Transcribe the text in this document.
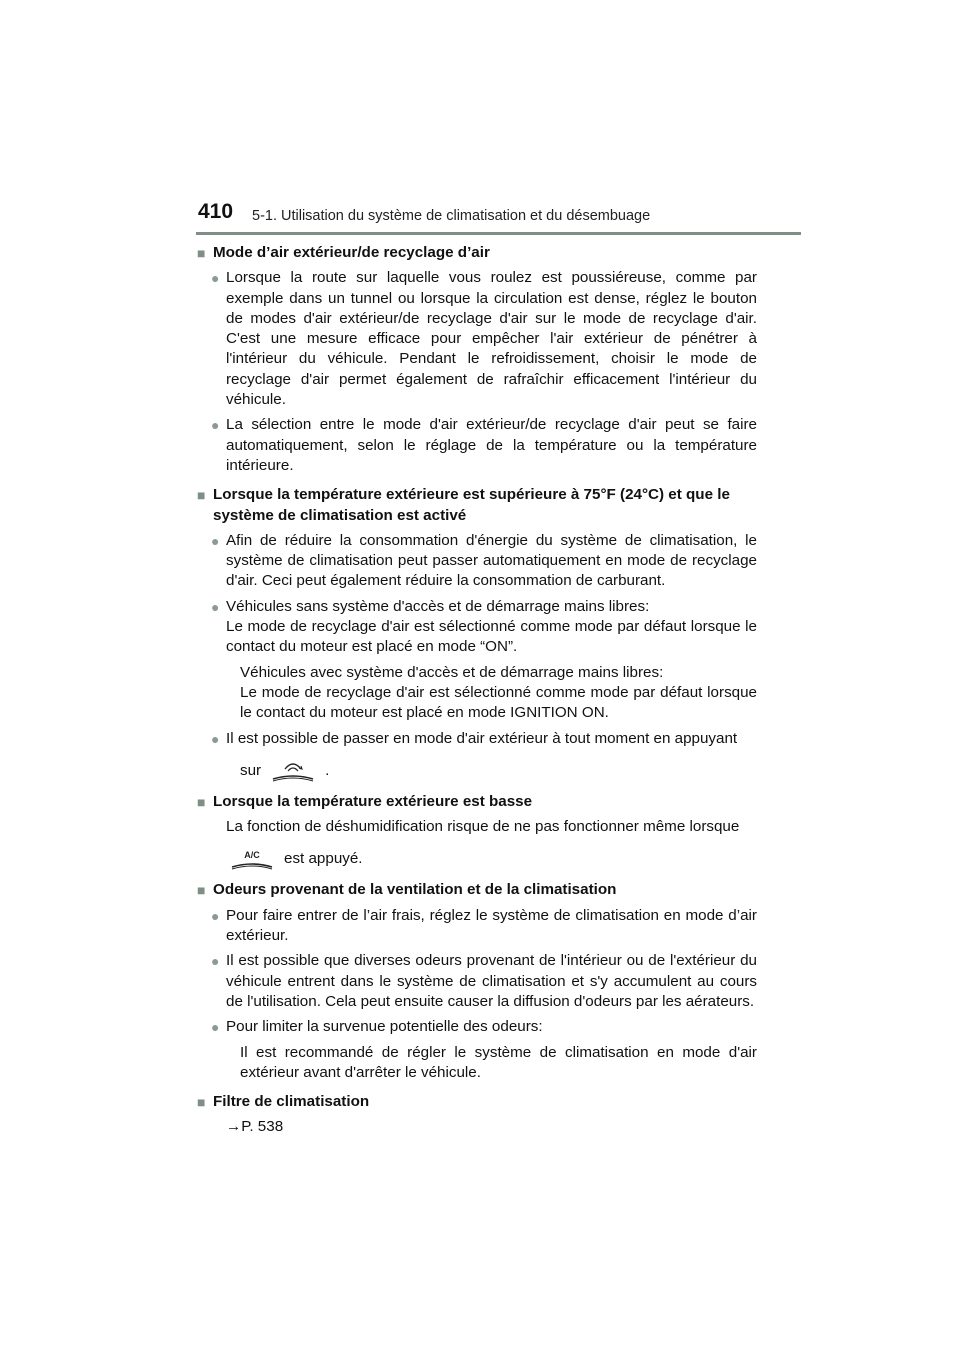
410 5-1. Utilisation du système de climatisation et du désembuage
■ Mode d’air extérieur/de recyclage d’air
● Lorsque la route sur laquelle vous roulez est poussiéreuse, comme par exemple dans un tunnel ou lorsque la circulation est dense, réglez le bouton de modes d'air extérieur/de recyclage d'air sur le mode de recyclage d'air. C'est une mesure efficace pour empêcher l'air extérieur de pénétrer à l'intérieur du véhicule. Pendant le refroidissement, choisir le mode de recyclage d'air permet également de rafraîchir efficacement l'intérieur du véhicule.
● La sélection entre le mode d'air extérieur/de recyclage d'air peut se faire automatiquement, selon le réglage de la température ou la température intérieure.
■ Lorsque la température extérieure est supérieure à 75°F (24°C) et que le système de climatisation est activé
● Afin de réduire la consommation d'énergie du système de climatisation, le système de climatisation peut passer automatiquement en mode de recyclage d'air. Ceci peut également réduire la consommation de carburant.
● Véhicules sans système d'accès et de démarrage mains libres:
Le mode de recyclage d'air est sélectionné comme mode par défaut lorsque le contact du moteur est placé en mode “ON”.
Véhicules avec système d'accès et de démarrage mains libres:
Le mode de recyclage d'air est sélectionné comme mode par défaut lorsque le contact du moteur est placé en mode IGNITION ON.
● Il est possible de passer en mode d'air extérieur à tout moment en appuyant
sur	.
■ Lorsque la température extérieure est basse
La fonction de déshumidification risque de ne pas fonctionner même lorsque
A/C est appuyé.
■ Odeurs provenant de la ventilation et de la climatisation
● Pour faire entrer de l’air frais, réglez le système de climatisation en mode d’air extérieur.
● Il est possible que diverses odeurs provenant de l'intérieur ou de l'extérieur du véhicule entrent dans le système de climatisation et s'y accumulent au cours de l'utilisation. Cela peut ensuite causer la diffusion d'odeurs par les aérateurs.
● Pour limiter la survenue potentielle des odeurs:
Il est recommandé de régler le système de climatisation en mode d'air extérieur avant d'arrêter le véhicule.
■ Filtre de climatisation
→P. 538
